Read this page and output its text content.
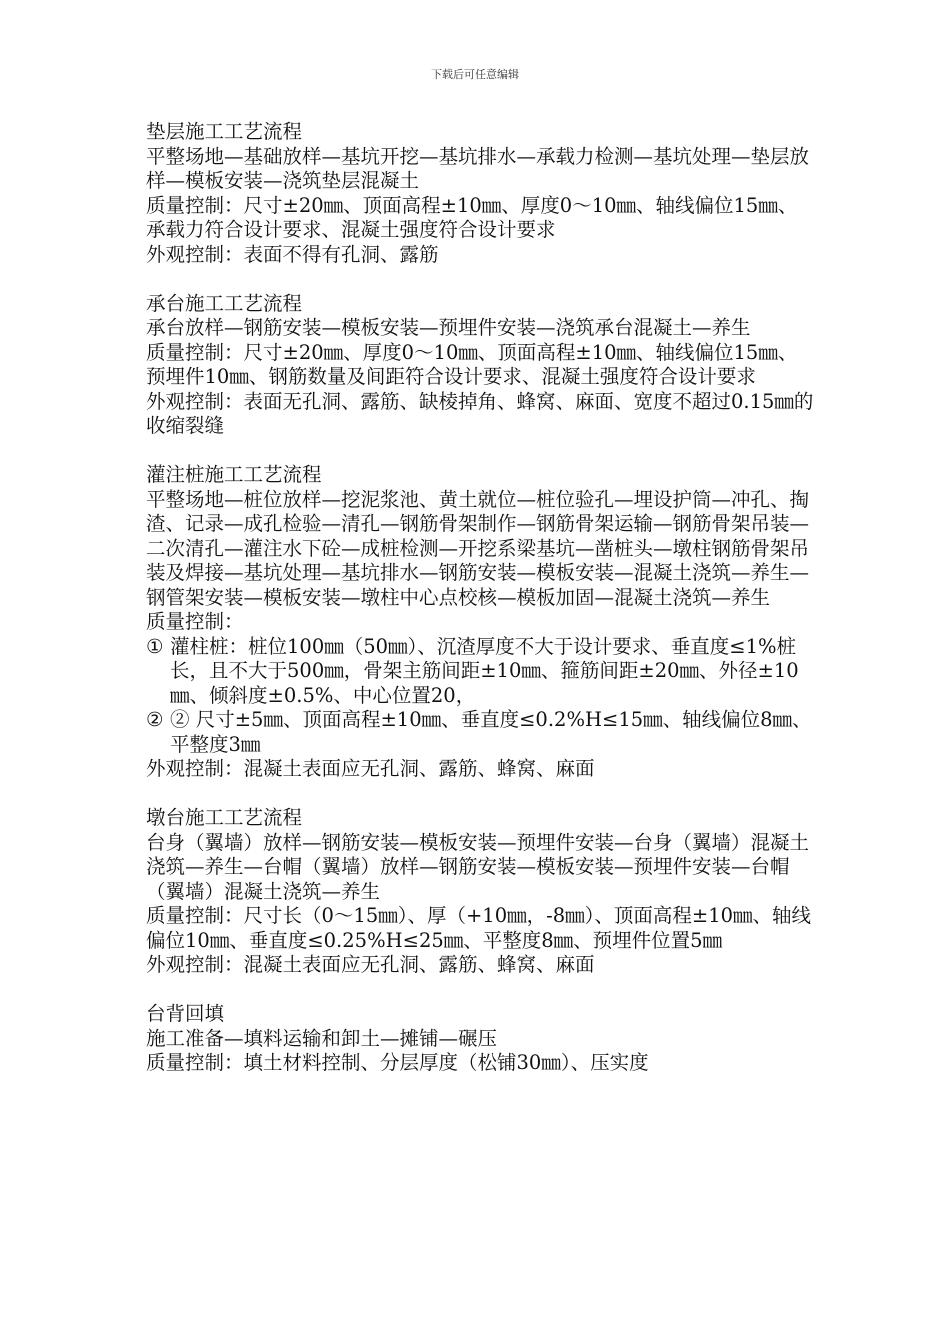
下载后可任意编辑
垫层施工工艺流程
平整场地—基础放样—基坑开挖—基坑排水—承载力检测—基坑处理—垫层放样—模板安装—浇筑垫层混凝土
质量控制：尺寸±20㎜、顶面高程±10㎜、厚度0～10㎜、轴线偏位15㎜、承载力符合设计要求、混凝土强度符合设计要求
外观控制：表面不得有孔洞、露筋
承台施工工艺流程
承台放样—钢筋安装—模板安装—预埋件安装—浇筑承台混凝土—养生
质量控制：尺寸±20㎜、厚度0～10㎜、顶面高程±10㎜、轴线偏位15㎜、预埋件10㎜、钢筋数量及间距符合设计要求、混凝土强度符合设计要求
外观控制：表面无孔洞、露筋、缺棱掉角、蜂窝、麻面、宽度不超过0.15㎜的收缩裂缝
灌注桩施工工艺流程
平整场地—桩位放样—挖泥浆池、黄土就位—桩位验孔—埋设护筒—冲孔、掏渣、记录—成孔检验—清孔—钢筋骨架制作—钢筋骨架运输—钢筋骨架吊装—二次清孔—灌注水下砼—成桩检测—开挖系梁基坑—凿桩头—墩柱钢筋骨架吊装及焊接—基坑处理—基坑排水—钢筋安装—模板安装—混凝土浇筑—养生—钢管架安装—模板安装—墩柱中心点校核—模板加固—混凝土浇筑—养生
质量控制：
① 灌柱桩：桩位100㎜（50㎜）、沉渣厚度不大于设计要求、垂直度≤1%桩长，且不大于500㎜，骨架主筋间距±10㎜、箍筋间距±20㎜、外径±10㎜、倾斜度±0.5%、中心位置20，
② ② 尺寸±5㎜、顶面高程±10㎜、垂直度≤0.2%H≤15㎜、轴线偏位8㎜、平整度3㎜
外观控制：混凝土表面应无孔洞、露筋、蜂窝、麻面
墩台施工工艺流程
台身（翼墙）放样—钢筋安装—模板安装—预埋件安装—台身（翼墙）混凝土浇筑—养生—台帽（翼墙）放样—钢筋安装—模板安装—预埋件安装—台帽（翼墙）混凝土浇筑—养生
质量控制：尺寸长（0～15㎜）、厚（+10㎜，-8㎜）、顶面高程±10㎜、轴线偏位10㎜、垂直度≤0.25%H≤25㎜、平整度8㎜、预埋件位置5㎜
外观控制：混凝土表面应无孔洞、露筋、蜂窝、麻面
台背回填
施工准备—填料运输和卸土—摊铺—碾压
质量控制：填土材料控制、分层厚度（松铺30㎜）、压实度
